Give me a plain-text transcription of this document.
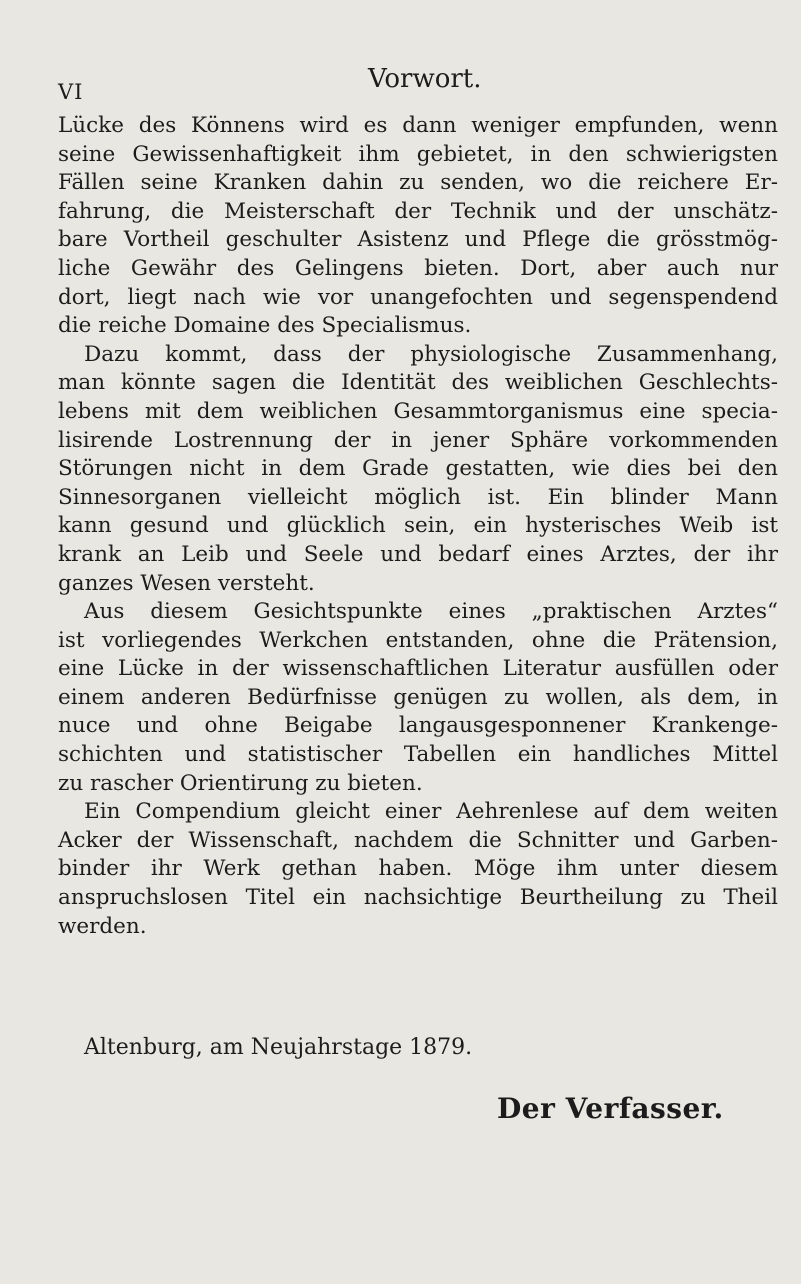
VI	Vorwort.
Lücke des Könnens wird es dann weniger empfunden, wenn
seine Gewissenhaftigkeit ihm gebietet, in den schwierigsten
Fällen seine Kranken dahin zu senden, wo die reichere Er-
fahrung, die Meisterschaft der Technik und der unschätz-
bare Vortheil geschulter Asistenz und Pflege die grösstmög-
liche Gewähr des Gelingens bieten. Dort, aber auch nur
dort, liegt nach wie vor unangefochten und segenspendend
die reiche Domaine des Specialismus.
Dazu kommt, dass der physiologische Zusammenhang,
man könnte sagen die Identität des weiblichen Geschlechts-
lebens mit dem weiblichen Gesammtorganismus eine specia-
lisirende Lostrennung der in jener Sphäre vorkommenden
Störungen nicht in dem Grade gestatten, wie dies bei den
Sinnesorganen vielleicht möglich ist. Ein blinder Mann
kann gesund und glücklich sein, ein hysterisches Weib ist
krank an Leib und Seele und bedarf eines Arztes, der ihr
ganzes Wesen versteht.
Aus diesem Gesichtspunkte eines „praktischen Arztes“
ist vorliegendes Werkchen entstanden, ohne die Prätension,
eine Lücke in der wissenschaftlichen Literatur ausfüllen oder
einem anderen Bedürfnisse genügen zu wollen, als dem, in
nuce und ohne Beigabe langausgesponnener Krankenge-
schichten und statistischer Tabellen ein handliches Mittel
zu rascher Orientirung zu bieten.
Ein Compendium gleicht einer Aehrenlese auf dem weiten
Acker der Wissenschaft, nachdem die Schnitter und Garben-
binder ihr Werk gethan haben. Möge ihm unter diesem
anspruchslosen Titel ein nachsichtige Beurtheilung zu Theil
werden.
Altenburg, am Neujahrstage 1879.
Der Verfasser.
